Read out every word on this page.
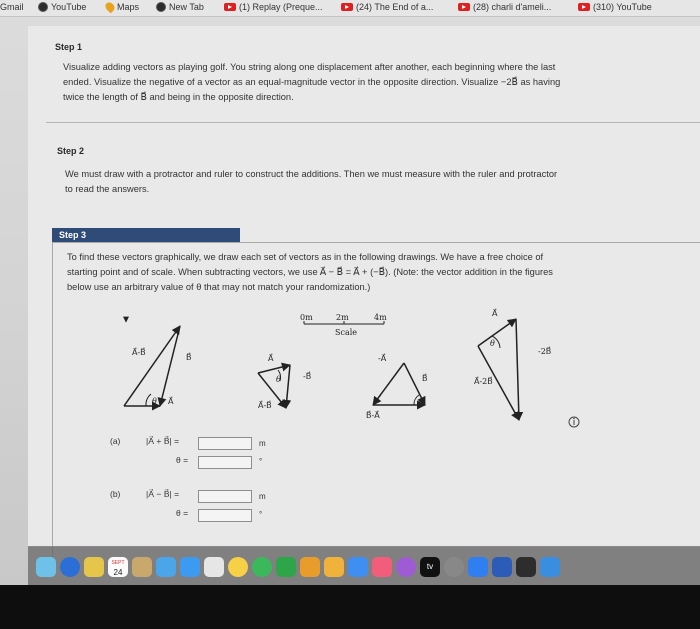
Gmail	YouTube	Maps	New Tab	(1) Replay (Preque...	(24) The End of a...	(28) charli d'ameli...	(310) YouTube
Step 1
Visualize adding vectors as playing golf. You string along one displacement after another, each beginning where the last
ended. Visualize the negative of a vector as an equal-magnitude vector in the opposite direction. Visualize −2B⃗ as having
twice the length of B⃗ and being in the opposite direction.
Step 2
We must draw with a protractor and ruler to construct the additions. Then we must measure with the ruler and protractor
to read the answers.
Step 3
To find these vectors graphically, we draw each set of vectors as in the following drawings. We have a free choice of
starting point and of scale. When subtracting vectors, we use A⃗ − B⃗ = A⃗ + (−B⃗). (Note: the vector addition in the figures
below use an arbitrary value of θ that may not match your randomization.)
A⃗-B⃗
B⃗
A⃗
θ
A⃗
θ	-B⃗
A⃗-B⃗
0m	2m	4m
Scale
-A⃗
B⃗
B⃗-A⃗
θ
A⃗
θ
-2B⃗
A⃗-2B⃗
(a)	|A⃗ + B⃗| =	m
θ =	°
(b)	|A⃗ − B⃗| =	m
θ =	°
SEPT
24
tv
